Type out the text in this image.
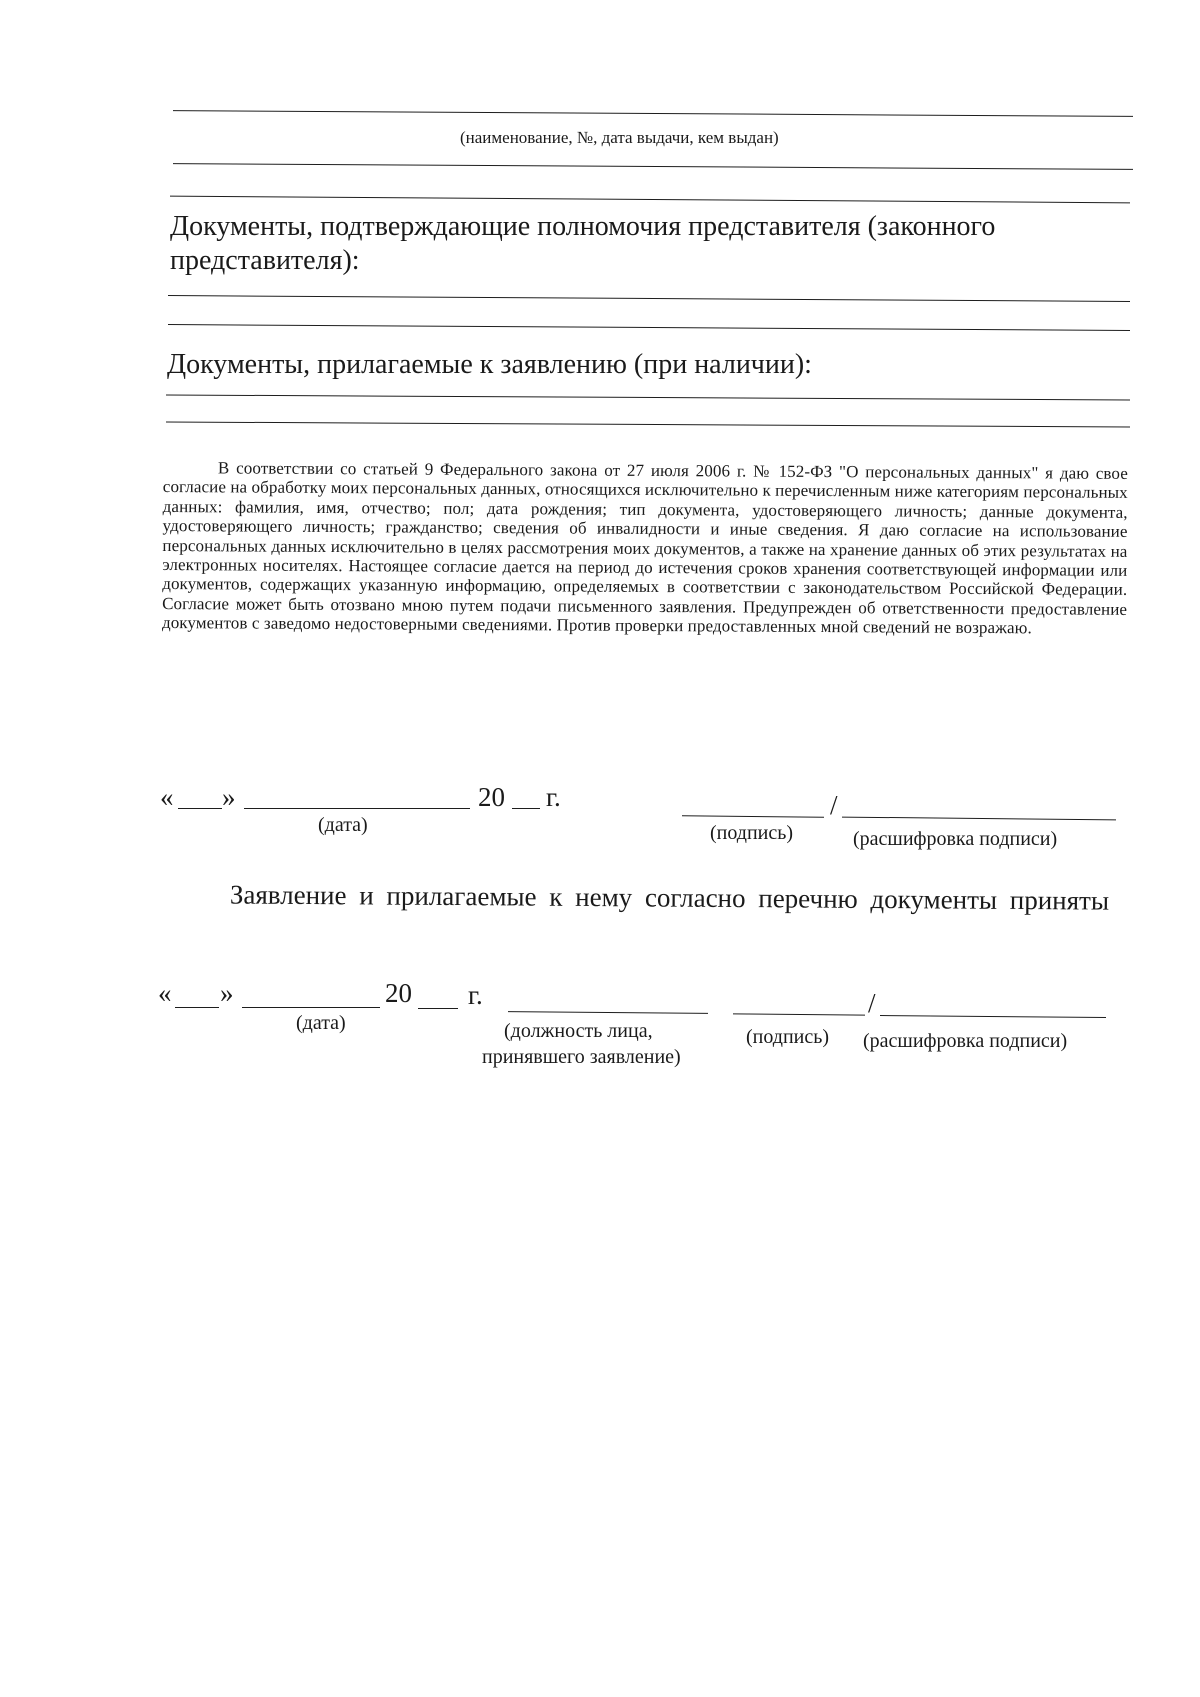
(наименование, №, дата выдачи, кем выдан)
Документы, подтверждающие полномочия представителя (законного представителя):
Документы, прилагаемые к заявлению (при наличии):
В соответствии со статьей 9 Федерального закона от 27 июля 2006 г. № 152-ФЗ "О персональных данных" я даю свое согласие на обработку моих персональных данных, относящихся исключительно к перечисленным ниже категориям персональных данных: фамилия, имя, отчество; пол; дата рождения; тип документа, удостоверяющего личность; данные документа, удостоверяющего личность; гражданство; сведения об инвалидности и иные сведения. Я даю согласие на использование персональных данных исключительно в целях рассмотрения моих документов, а также на хранение данных об этих результатах на электронных носителях. Настоящее согласие дается на период до истечения сроков хранения соответствующей информации или документов, содержащих указанную информацию, определяемых в соответствии с законодательством Российской Федерации. Согласие может быть отозвано мною путем подачи письменного заявления. Предупрежден об ответственности предоставление документов с заведомо недостоверными сведениями. Против проверки предоставленных мной сведений не возражаю.
« »	20 г.
(дата)
/
(подпись)	(расшифровка подписи)
Заявление и прилагаемые к нему согласно перечню документы приняты
« »	20 г.
(дата)	(должность лица,
принявшего заявление)
/
(подпись) (расшифровка подписи)
